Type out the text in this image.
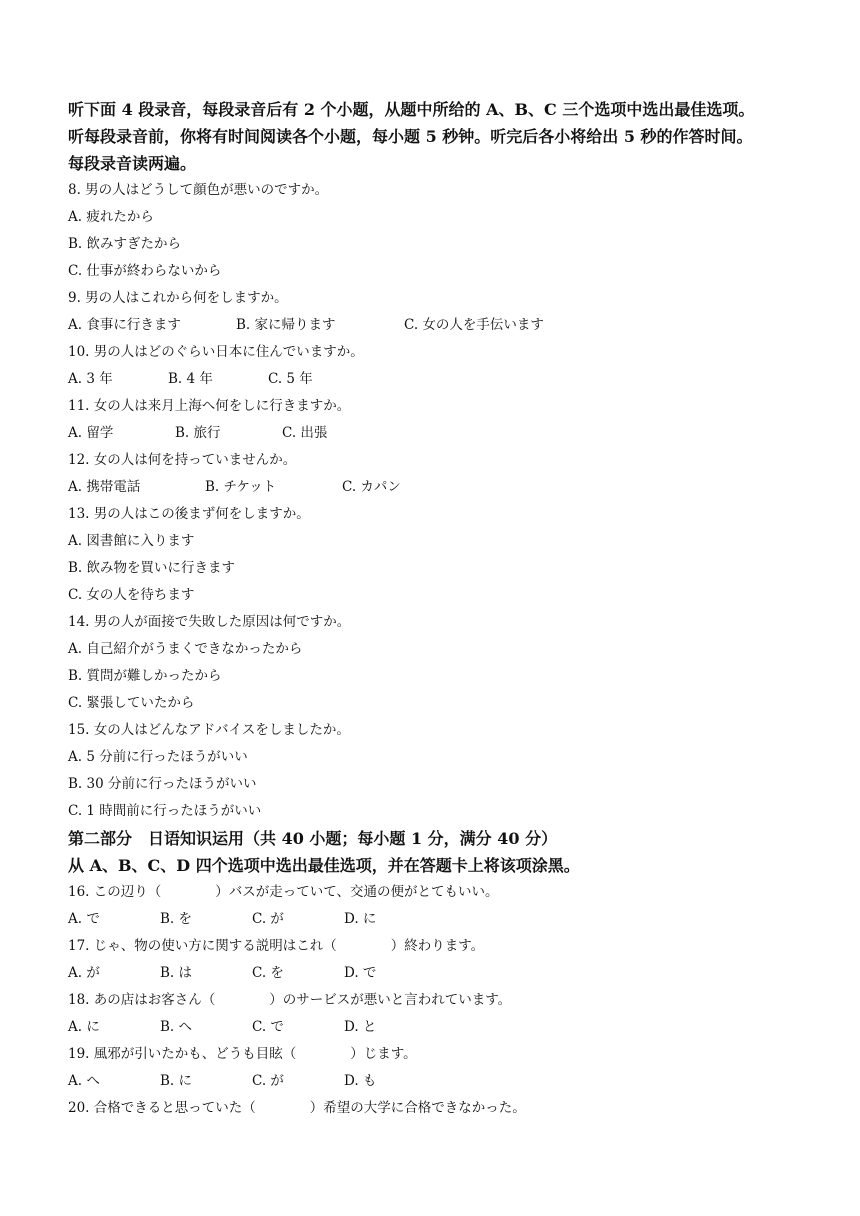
听下面 4 段录音，每段录音后有 2 个小题，从题中所给的 A、B、C 三个选项中选出最佳选项。
听每段录音前，你将有时间阅读各个小题，每小题 5 秒钟。听完后各小将给出 5 秒的作答时间。
每段录音读两遍。
8. 男の人はどうして顔色が悪いのですか。
A. 疲れたから
B. 飲みすぎたから
C. 仕事が終わらないから
9. 男の人はこれから何をしますか。
A. 食事に行きます	B. 家に帰ります	C. 女の人を手伝います
10. 男の人はどのぐらい日本に住んでいますか。
A. 3 年	B. 4 年	C. 5 年
11. 女の人は来月上海へ何をしに行きますか。
A. 留学	B. 旅行	C. 出張
12. 女の人は何を持っていませんか。
A. 携帯電話	B. チケット	C. カパン
13. 男の人はこの後まず何をしますか。
A. 図書館に入ります
B. 飲み物を買いに行きます
C. 女の人を待ちます
14. 男の人が面接で失敗した原因は何ですか。
A. 自己紹介がうまくできなかったから
B. 質問が難しかったから
C. 緊張していたから
15. 女の人はどんなアドバイスをしましたか。
A. 5 分前に行ったほうがいい
B. 30 分前に行ったほうがいい
C. 1 時間前に行ったほうがいい
第二部分　日语知识运用（共 40 小题；每小题 1 分，满分 40 分）
从 A、B、C、D 四个选项中选出最佳选项，并在答题卡上将该项涂黑。
16. この辺り（　　　　）バスが走っていて、交通の便がとてもいい。
A. で	B. を	C. が	D. に
17. じゃ、物の使い方に関する説明はこれ（　　　　）終わります。
A. が	B. は	C. を	D. で
18. あの店はお客さん（　　　　）のサービスが悪いと言われています。
A. に	B. へ	C. で	D. と
19. 風邪が引いたかも、どうも目眩（　　　　）じます。
A. へ	B. に	C. が	D. も
20. 合格できると思っていた（　　　　）希望の大学に合格できなかった。
